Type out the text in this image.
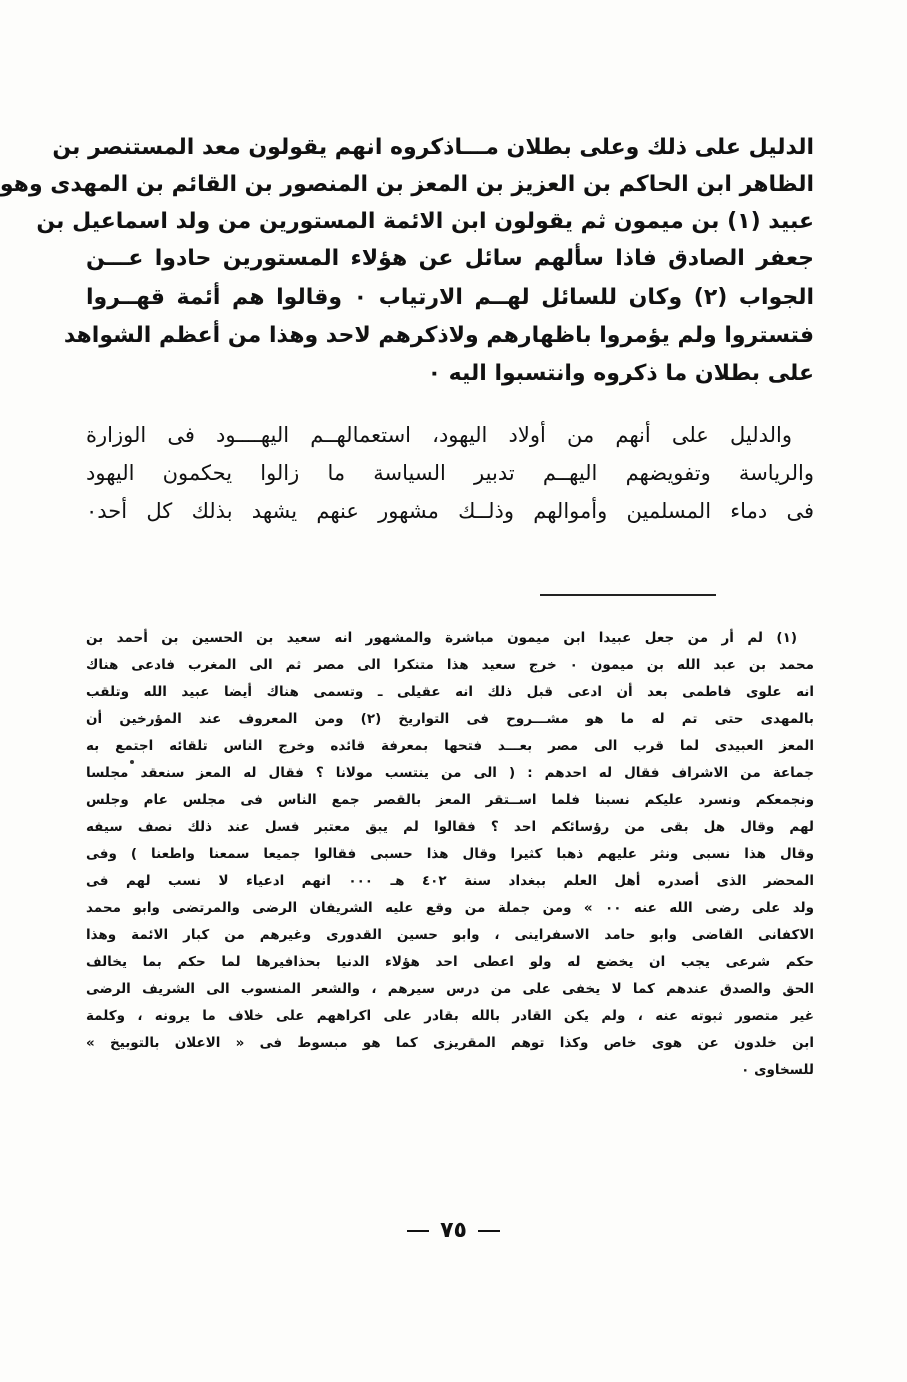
الدليل على ذلك وعلى بطلان مـــاذكروه انهم يقولون معد المستنصر بن
الظاهر ابن الحاكم بن العزيز بن المعز بن المنصور بن القائم بن المهدى وهو
عبيد (١) بن ميمون ثم يقولون ابن الائمة المستورين من ولد اسماعيل بن
جعفر الصادق فاذا سألهم سائل عن هؤلاء المستورين حادوا عـــن
الجواب (٢) وكان للسائل لهــم الارتياب ٠ وقالوا هم أئمة قهــروا
فتستروا ولم يؤمروا باظهارهم ولاذكرهم لاحد وهذا من أعظم الشواهد
على بطلان ما ذكروه وانتسبوا اليه ٠
والدليل على أنهم من أولاد اليهود، استعمالهــم اليهــــود فى الوزارة
والرياسة وتفويضهم اليهــم تدبير السياسة ما زالوا يحكمون اليهود
فى دماء المسلمين وأموالهم وذلــك مشهور عنهم يشهد بذلك كل أحد٠
(١) لم أر من جعل عبيدا ابن ميمون مباشرة والمشهور انه سعيد بن الحسين بن أحمد بن
محمد بن عبد الله بن ميمون ٠ خرج سعيد هذا متنكرا الى مصر ثم الى المغرب فادعى هناك
انه علوى فاطمى بعد أن ادعى قبل ذلك انه عقيلى ـ وتسمى هناك أيضا عبيد الله وتلقب
بالمهدى حتى تم له ما هو مشـــروح فى التواريخ (٢) ومن المعروف عند المؤرخين أن
المعز العبيدى لما قرب الى مصر بعـــد فتحها بمعرفة قائده وخرج الناس تلقائه اجتمع به
جماعة من الاشراف فقال له احدهم : ( الى من ينتسب مولانا ؟ فقال له المعز سنعقد مجلسا
ونجمعكم ونسرد عليكم نسبنا فلما اســتقر المعز بالقصر جمع الناس فى مجلس عام وجلس
لهم وقال هل بقى من رؤسائكم احد ؟ فقالوا لم يبق معتبر فسل عند ذلك نصف سيفه
وقال هذا نسبى ونثر عليهم ذهبا كثيرا وقال هذا حسبى فقالوا جميعا سمعنا واطعنا ) وفى
المحضر الذى أصدره أهل العلم ببغداد سنة ٤٠٢ هـ ٠٠٠ انهم ادعياء لا نسب لهم فى
ولد على رضى الله عنه ٠٠ » ومن جملة من وقع عليه الشريفان الرضى والمرتضى وابو محمد
الاكفانى القاضى وابو حامد الاسفراينى ، وابو حسين القدورى وغيرهم من كبار الائمة وهذا
حكم شرعى يجب ان يخضع له ولو اعطى احد هؤلاء الدنيا بحذافيرها لما حكم بما يخالف
الحق والصدق عندهم كما لا يخفى على من درس سيرهم ، والشعر المنسوب الى الشريف الرضى
غير متصور ثبوته عنه ، ولم يكن القادر بالله بقادر على اكراههم على خلاف ما يرونه ، وكلمة
ابن خلدون عن هوى خاص وكذا توهم المقريزى كما هو مبسوط فى « الاعلان بالتوبيخ »
للسخاوى ٠
٧٥
